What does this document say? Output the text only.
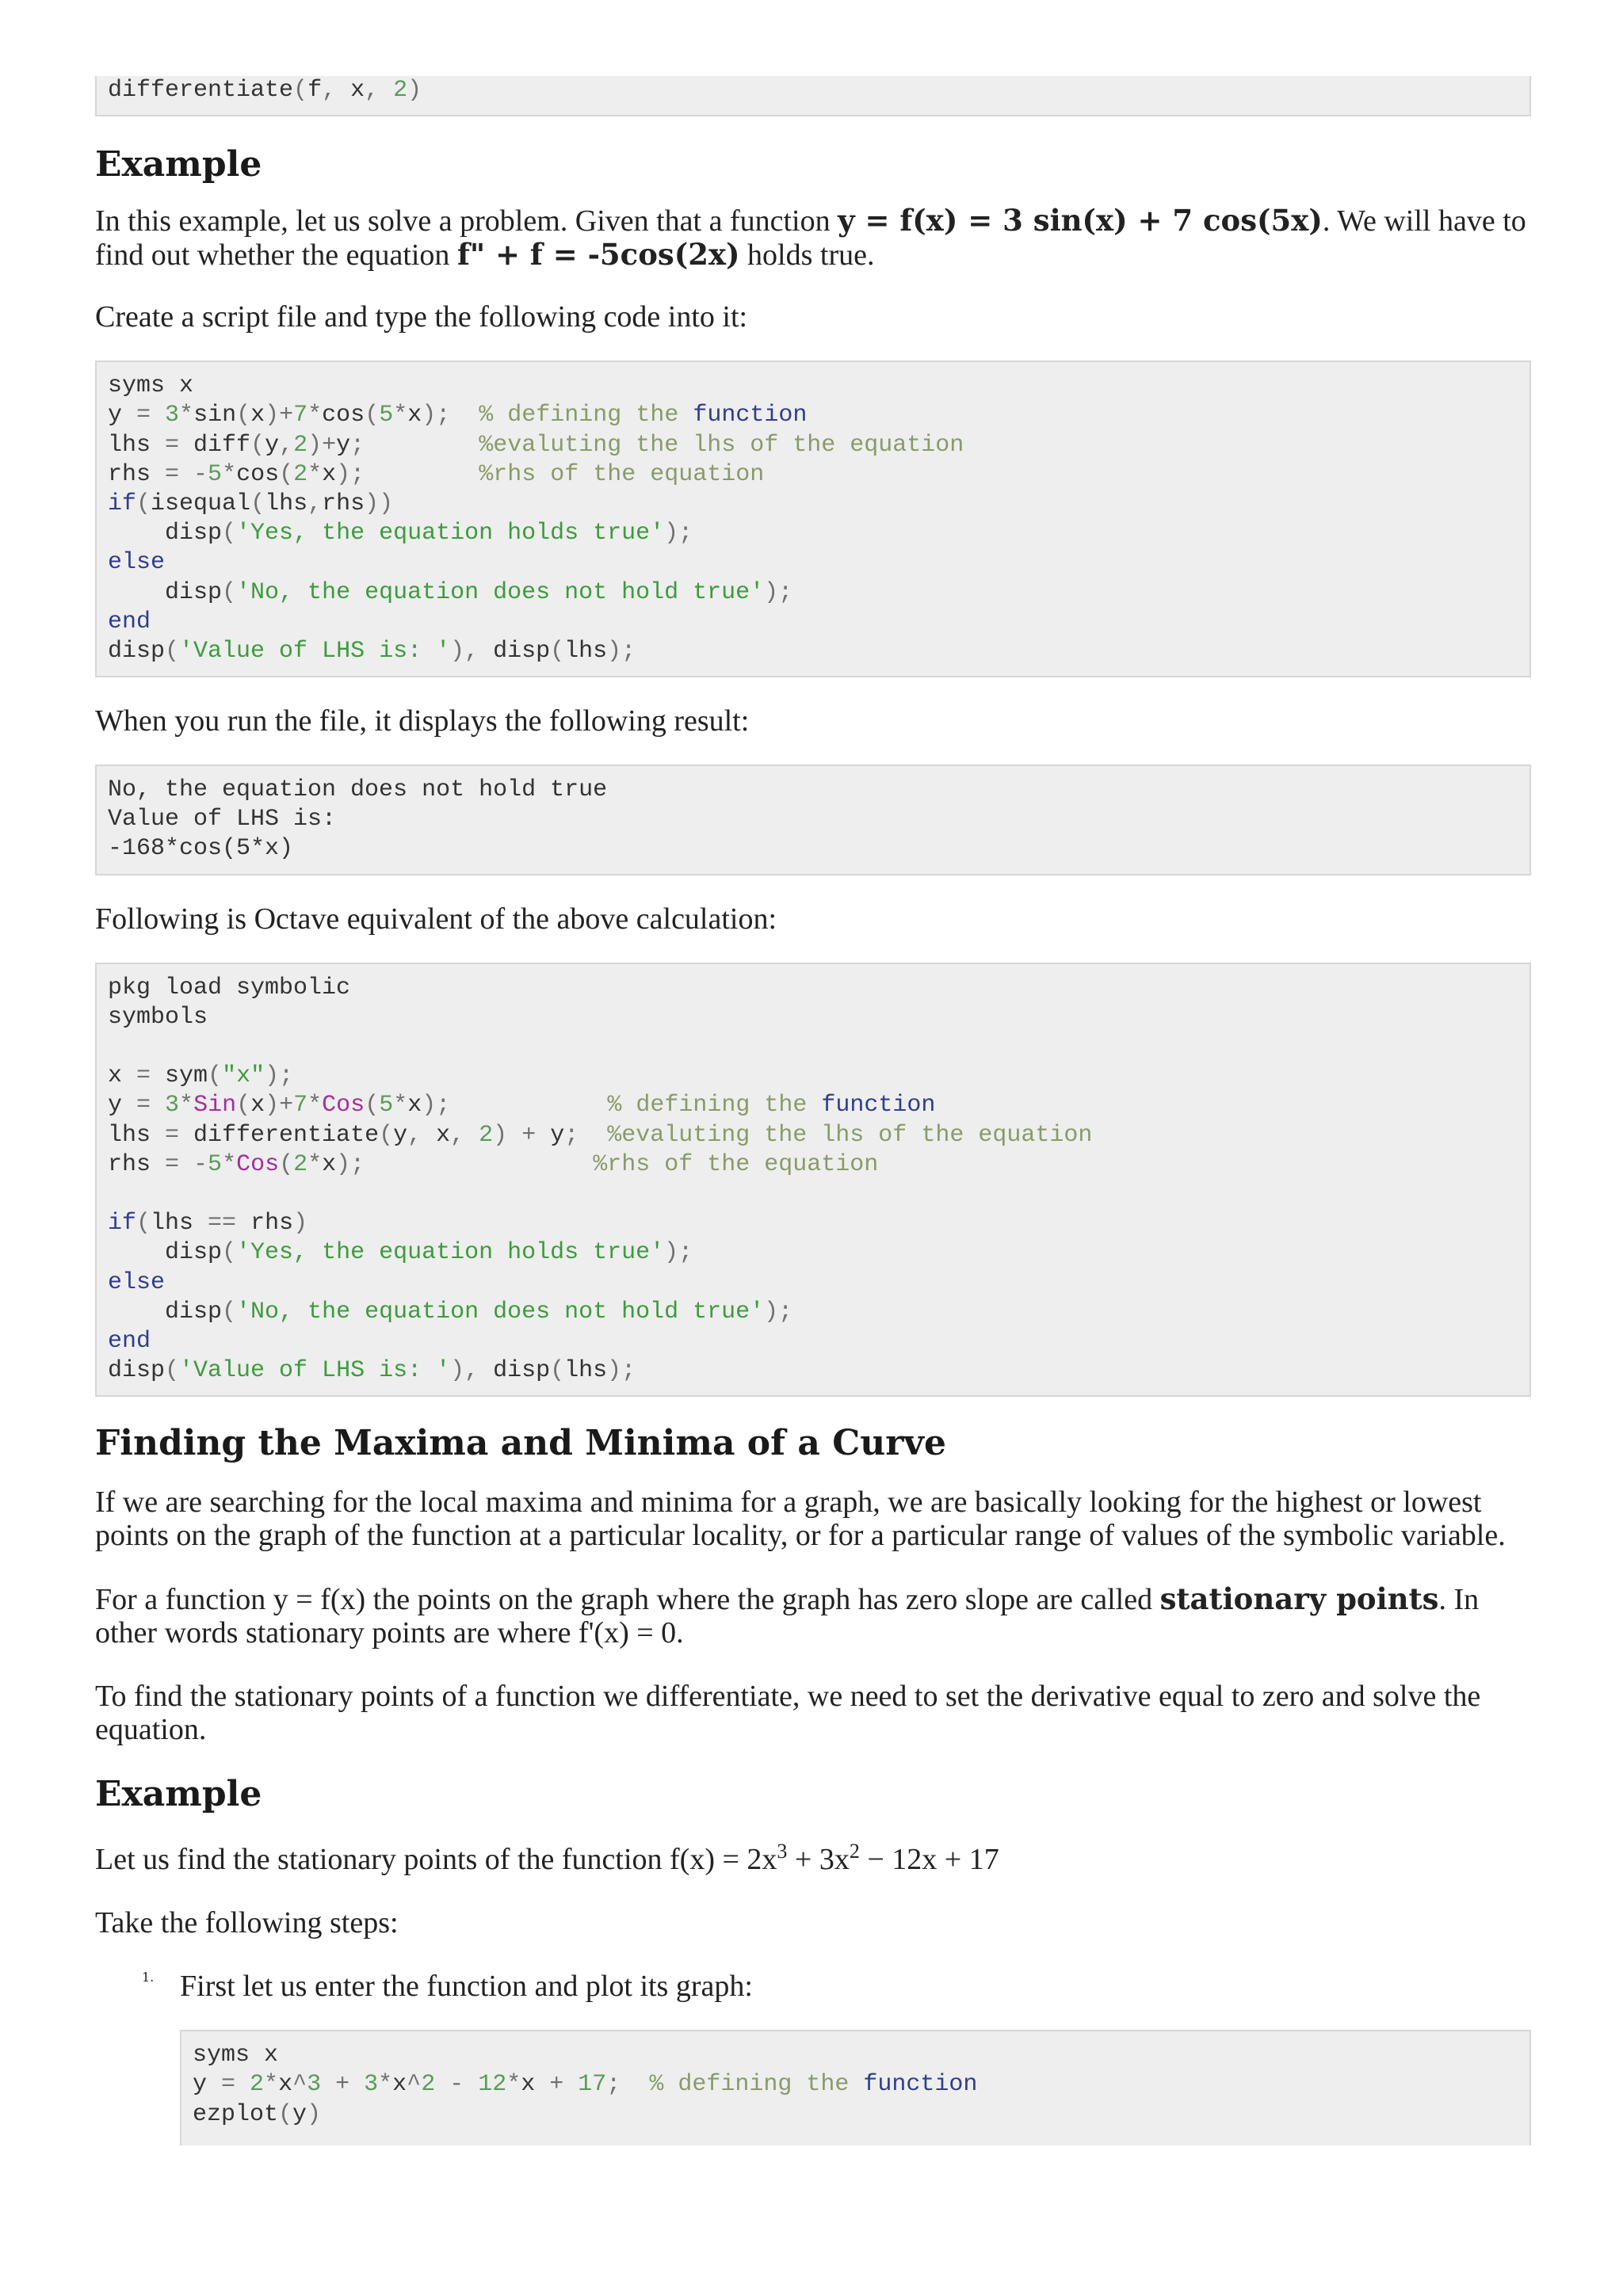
differentiate(f, x, 2)
Example

In this example, let us solve a problem. Given that a function y = f(x) = 3 sin(x) + 7 cos(5x). We will have to find out whether the equation f" + f = -5cos(2x) holds true.

Create a script file and type the following code into it:

syms x
y = 3*sin(x)+7*cos(5*x); % defining the function
lhs = diff(y,2)+y;	%evaluting the lhs of the equation
rhs = -5*cos(2*x);	%rhs of the equation
if(isequal(lhs,rhs))
disp('Yes, the equation holds true');
else
disp('No, the equation does not hold true');
end
disp('Value of LHS is: '), disp(lhs);

When you run the file, it displays the following result:

No, the equation does not hold true
Value of LHS is:
-168*cos(5*x)

Following is Octave equivalent of the above calculation:

pkg load symbolic
symbols
x = sym("x");
y = 3*Sin(x)+7*Cos(5*x);	% defining the function
lhs = differentiate(y, x, 2) + y; %evaluting the lhs of the equation
rhs = -5*Cos(2*x);	%rhs of the equation
if(lhs == rhs)
disp('Yes, the equation holds true');
else
disp('No, the equation does not hold true');
end
disp('Value of LHS is: '), disp(lhs);
Finding the Maxima and Minima of a Curve

If we are searching for the local maxima and minima for a graph, we are basically looking for the highest or lowest points on the graph of the function at a particular locality, or for a particular range of values of the symbolic variable.

For a function y = f(x) the points on the graph where the graph has zero slope are called stationary points. In other words stationary points are where f'(x) = 0.

To find the stationary points of a function we differentiate, we need to set the derivative equal to zero and solve the equation.

Example

Let us find the stationary points of the function $f(x) = 2x^3 + 3x^2 - 12x + 17$

Take the following steps:

1. First let us enter the function and plot its graph:

syms x
y = 2*x^3 + 3*x^2 - 12*x + 17; % defining the function
ezplot(y)
